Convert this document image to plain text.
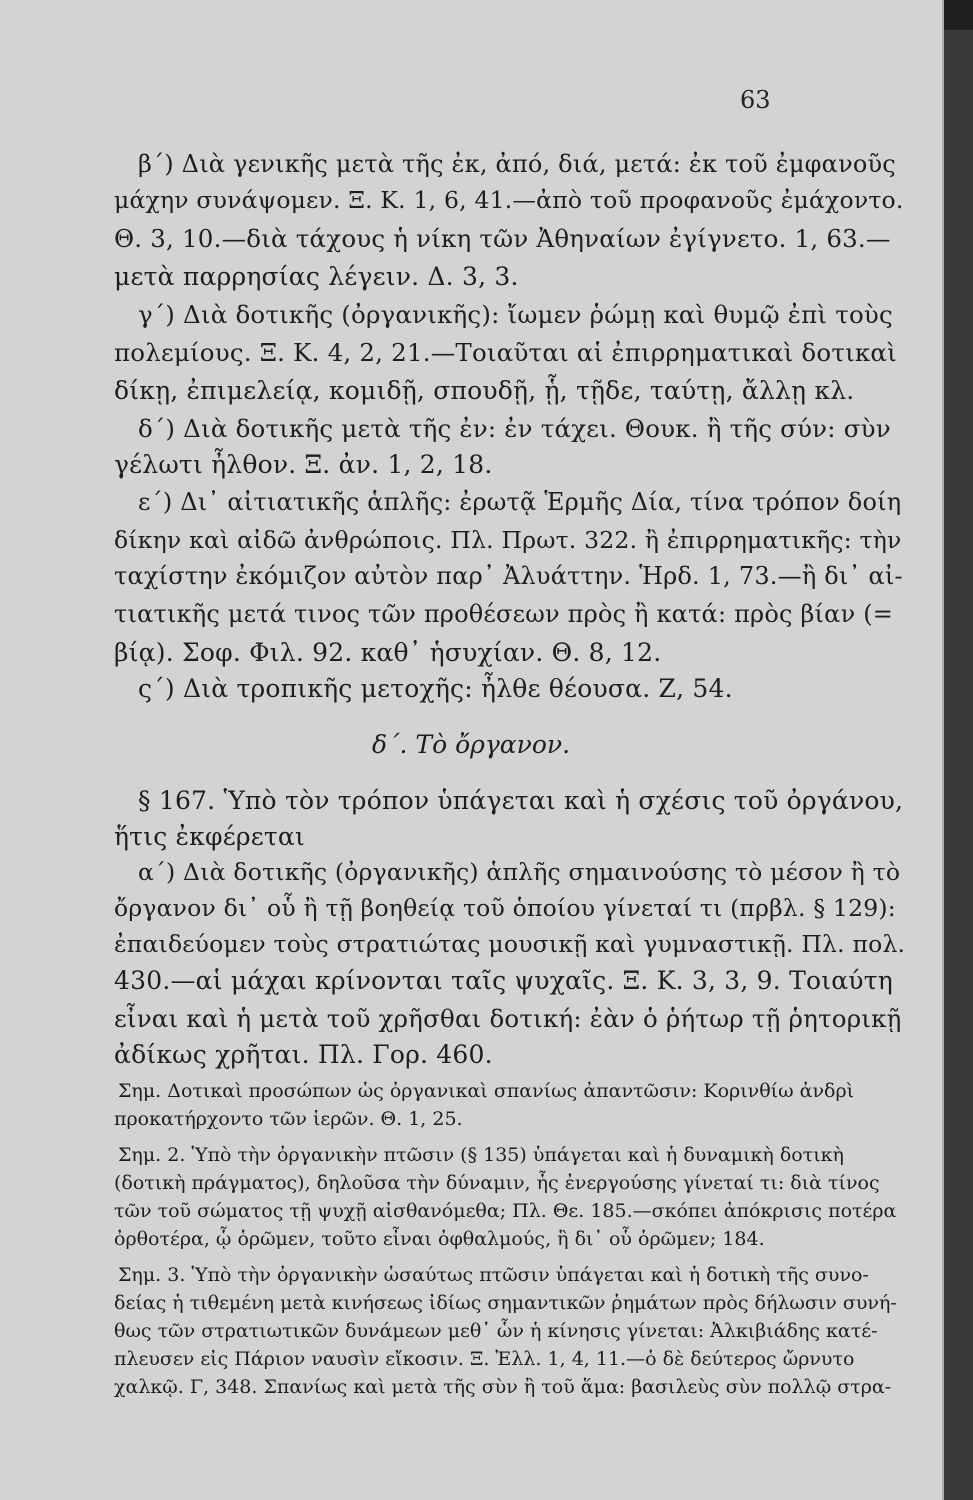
63
β΄) Διὰ γενικῆς μετὰ τῆς ἐκ, ἀπό, διά, μετά: ἐκ τοῦ ἐμφανοῦς
μάχην συνάψομεν. Ξ. Κ. 1, 6, 41.—ἀπὸ τοῦ προφανοῦς ἐμάχοντο.
Θ. 3, 10.—διὰ τάχους ἡ νίκη τῶν Ἀθηναίων ἐγίγνετο. 1, 63.—
μετὰ παρρησίας λέγειν. Δ. 3, 3.
γ΄) Διὰ δοτικῆς (ὀργανικῆς): ἴωμεν ῥώμῃ καὶ θυμῷ ἐπὶ τοὺς
πολεμίους. Ξ. Κ. 4, 2, 21.—Τοιαῦται αἱ ἐπιρρηματικαὶ δοτικαὶ
δίκῃ, ἐπιμελείᾳ, κομιδῇ, σπουδῇ, ᾗ, τῇδε, ταύτῃ, ἄλλῃ κλ.
δ΄) Διὰ δοτικῆς μετὰ τῆς ἐν: ἐν τάχει. Θουκ. ἢ τῆς σύν: σὺν
γέλωτι ἦλθον. Ξ. ἀν. 1, 2, 18.
ε΄) Δι᾽ αἰτιατικῆς ἁπλῆς: ἐρωτᾷ Ἑρμῆς Δία, τίνα τρόπον δοίη
δίκην καὶ αἰδῶ ἀνθρώποις. Πλ. Πρωτ. 322. ἢ ἐπιρρηματικῆς: τὴν
ταχίστην ἐκόμιζον αὐτὸν παρ᾽ Ἀλυάττην. Ἡρδ. 1, 73.—ἢ δι᾽ αἰ-
τιατικῆς μετά τινος τῶν προθέσεων πρὸς ἢ κατά: πρὸς βίαν (=
βίᾳ). Σοφ. Φιλ. 92. καθ᾽ ἡσυχίαν. Θ. 8, 12.
ς΄) Διὰ τροπικῆς μετοχῆς: ἦλθε θέουσα. Ζ, 54.
δ΄. Τὸ ὄργανον.
§ 167. Ὑπὸ τὸν τρόπον ὑπάγεται καὶ ἡ σχέσις τοῦ ὀργάνου,
ἥτις ἐκφέρεται
α΄) Διὰ δοτικῆς (ὀργανικῆς) ἁπλῆς σημαινούσης τὸ μέσον ἢ τὸ
ὄργανον δι᾽ οὗ ἢ τῇ βοηθείᾳ τοῦ ὁποίου γίνεταί τι (πρβλ. § 129):
ἐπαιδεύομεν τοὺς στρατιώτας μουσικῇ καὶ γυμναστικῇ. Πλ. πολ.
430.—αἱ μάχαι κρίνονται ταῖς ψυχαῖς. Ξ. Κ. 3, 3, 9. Τοιαύτη
εἶναι καὶ ἡ μετὰ τοῦ χρῆσθαι δοτική: ἐὰν ὁ ῥήτωρ τῇ ῥητορικῇ
ἀδίκως χρῆται. Πλ. Γορ. 460.
Σημ. Δοτικαὶ προσώπων ὡς ὀργανικαὶ σπανίως ἀπαντῶσιν: Κορινθίω ἀνδρὶ
προκατήρχοντο τῶν ἱερῶν. Θ. 1, 25.
Σημ. 2. Ὑπὸ τὴν ὀργανικὴν πτῶσιν (§ 135) ὑπάγεται καὶ ἡ δυναμικὴ δοτικὴ
(δοτικὴ πράγματος), δηλοῦσα τὴν δύναμιν, ἧς ἐνεργούσης γίνεταί τι: διὰ τίνος
τῶν τοῦ σώματος τῇ ψυχῇ αἰσθανόμεθα; Πλ. Θε. 185.—σκόπει ἀπόκρισις ποτέρα
ὀρθοτέρα, ᾧ ὁρῶμεν, τοῦτο εἶναι ὀφθαλμούς, ἢ δι᾽ οὗ ὁρῶμεν; 184.
Σημ. 3. Ὑπὸ τὴν ὀργανικὴν ὡσαύτως πτῶσιν ὑπάγεται καὶ ἡ δοτικὴ τῆς συνο-
δείας ἡ τιθεμένη μετὰ κινήσεως ἰδίως σημαντικῶν ῥημάτων πρὸς δήλωσιν συνή-
θως τῶν στρατιωτικῶν δυνάμεων μεθ᾽ ὧν ἡ κίνησις γίνεται: Ἀλκιβιάδης κατέ-
πλευσεν εἰς Πάριον ναυσὶν εἴκοσιν. Ξ. Ἑλλ. 1, 4, 11.—ὁ δὲ δεύτερος ὤρνυτο
χαλκῷ. Γ, 348. Σπανίως καὶ μετὰ τῆς σὺν ἢ τοῦ ἅμα: βασιλεὺς σὺν πολλῷ στρα-
